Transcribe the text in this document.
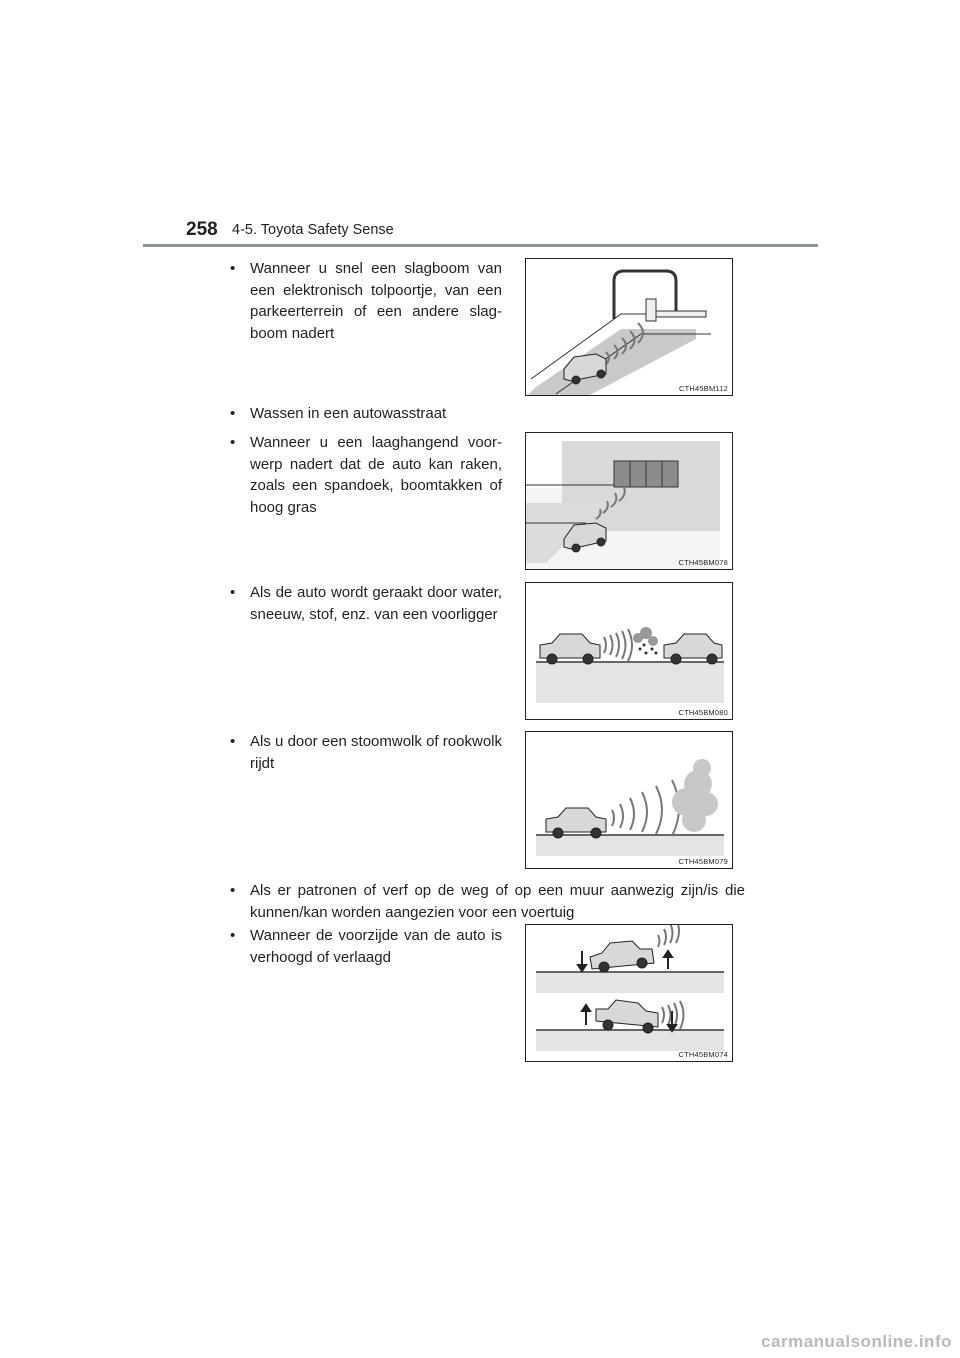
258 4-5. Toyota Safety Sense
• Wanneer u snel een slagboom van een elektronisch tolpoortje, van een parkeerterrein of een andere slag-boom nadert
CTH45BM112
• Wassen in een autowasstraat
• Wanneer u een laaghangend voor-werp nadert dat de auto kan raken, zoals een spandoek, boomtakken of hoog gras
CTH45BM078
• Als de auto wordt geraakt door water, sneeuw, stof, enz. van een voorligger
CTH45BM080
• Als u door een stoomwolk of rookwolk rijdt
CTH45BM079
• Als er patronen of verf op de weg of op een muur aanwezig zijn/is die kunnen/kan worden aangezien voor een voertuig
• Wanneer de voorzijde van de auto is verhoogd of verlaagd
CTH45BM074
carmanualsonline.info
